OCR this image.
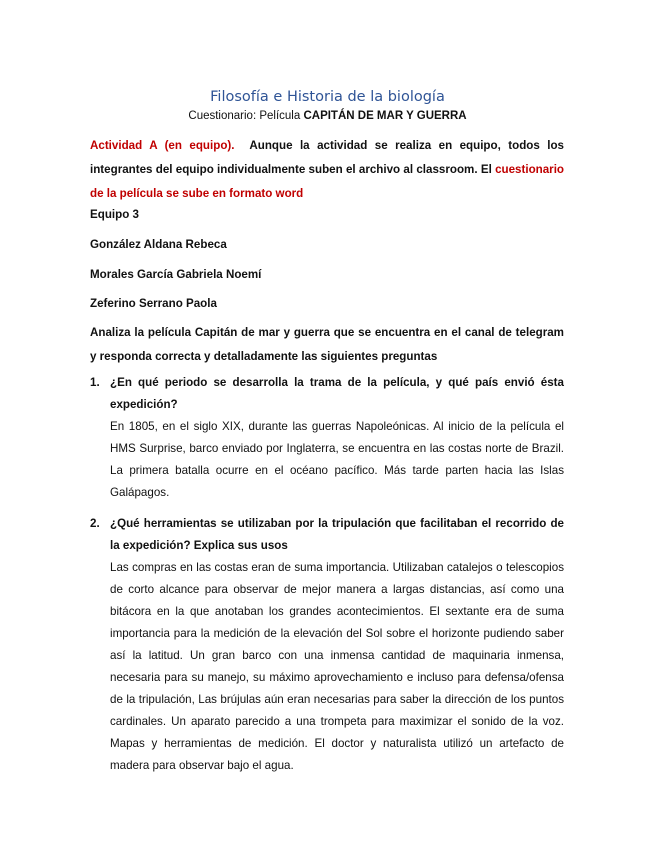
Filosofía e Historia de la biología
Cuestionario: Película CAPITÁN DE MAR Y GUERRA
Actividad A (en equipo). Aunque la actividad se realiza en equipo, todos los integrantes del equipo individualmente suben el archivo al classroom. El cuestionario de la película se sube en formato word
Equipo 3
González Aldana Rebeca
Morales García Gabriela Noemí
Zeferino Serrano Paola
Analiza la película Capitán de mar y guerra que se encuentra en el canal de telegram y responda correcta y detalladamente las siguientes preguntas
1. ¿En qué periodo se desarrolla la trama de la película, y qué país envió ésta expedición?
En 1805, en el siglo XIX, durante las guerras Napoleónicas. Al inicio de la película el HMS Surprise, barco enviado por Inglaterra, se encuentra en las costas norte de Brazil. La primera batalla ocurre en el océano pacífico. Más tarde parten hacia las Islas Galápagos.
2. ¿Qué herramientas se utilizaban por la tripulación que facilitaban el recorrido de la expedición? Explica sus usos
Las compras en las costas eran de suma importancia. Utilizaban catalejos o telescopios de corto alcance para observar de mejor manera a largas distancias, así como una bitácora en la que anotaban los grandes acontecimientos. El sextante era de suma importancia para la medición de la elevación del Sol sobre el horizonte pudiendo saber así la latitud. Un gran barco con una inmensa cantidad de maquinaria inmensa, necesaria para su manejo, su máximo aprovechamiento e incluso para defensa/ofensa de la tripulación, Las brújulas aún eran necesarias para saber la dirección de los puntos cardinales. Un aparato parecido a una trompeta para maximizar el sonido de la voz. Mapas y herramientas de medición. El doctor y naturalista utilizó un artefacto de madera para observar bajo el agua.
